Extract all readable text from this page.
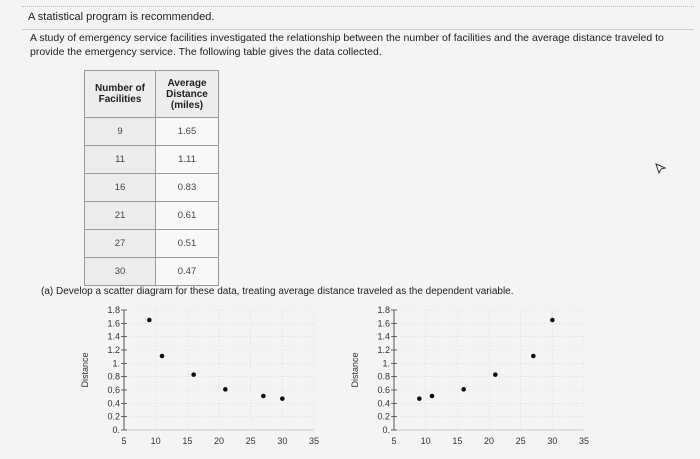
A statistical program is recommended.
A study of emergency service facilities investigated the relationship between the number of facilities and the average distance traveled to provide the emergency service. The following table gives the data collected.
Number of Facilities	Average Distance (miles)
9	1.65
11	1.11
16	0.83
21	0.61
27	0.51
30	0.47
(a) Develop a scatter diagram for these data, treating average distance traveled as the dependent variable.
0.
0.2
0.4
0.6
0.8
1.
1.2
1.4
1.6
1.8
5	10 15 20 25 30 35
Distance
0.
0.2
0.4
0.6
0.8
1.
1.2
1.4
1.6
1.8
5	10 15 20 25 30 35
Distance
